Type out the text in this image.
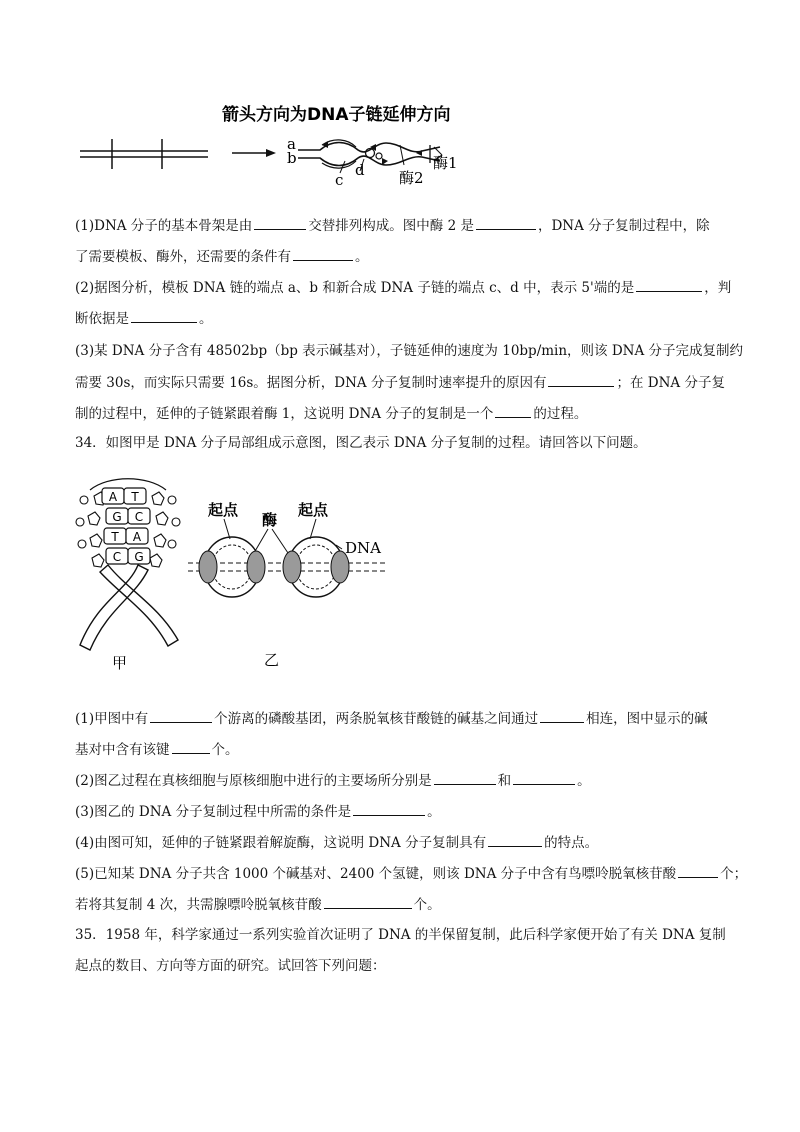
箭头方向为DNA子链延伸方向
a
b
c
d 酶2
酶1
(1)DNA 分子的基本骨架是由	交替排列构成。图中酶 2 是	，DNA 分子复制过程中，除
了需要模板、酶外，还需要的条件有	。
(2)据图分析，模板 DNA 链的端点 a、b 和新合成 DNA 子链的端点 c、d 中，表示 5'端的是	，判
断依据是	。
(3)某 DNA 分子含有 48502bp（bp 表示碱基对），子链延伸的速度为 10bp/min，则该 DNA 分子完成复制约
需要 30s，而实际只需要 16s。据图分析，DNA 分子复制时速率提升的原因有	；在 DNA 分子复
制的过程中，延伸的子链紧跟着酶 1，这说明 DNA 分子的复制是一个	的过程。
34．如图甲是 DNA 分子局部组成示意图，图乙表示 DNA 分子复制的过程。请回答以下问题。
A T
G C
T A
C G
甲
起点	起点
酶
DNA
乙
(1)甲图中有	个游离的磷酸基团，两条脱氧核苷酸链的碱基之间通过	相连，图中显示的碱
基对中含有该键	个。
(2)图乙过程在真核细胞与原核细胞中进行的主要场所分别是	和	。
(3)图乙的 DNA 分子复制过程中所需的条件是	。
(4)由图可知，延伸的子链紧跟着解旋酶，这说明 DNA 分子复制具有	的特点。
(5)已知某 DNA 分子共含 1000 个碱基对、2400 个氢键，则该 DNA 分子中含有鸟嘌呤脱氧核苷酸	个；
若将其复制 4 次，共需腺嘌呤脱氧核苷酸	个。
35．1958 年，科学家通过一系列实验首次证明了 DNA 的半保留复制，此后科学家便开始了有关 DNA 复制
起点的数目、方向等方面的研究。试回答下列问题：
